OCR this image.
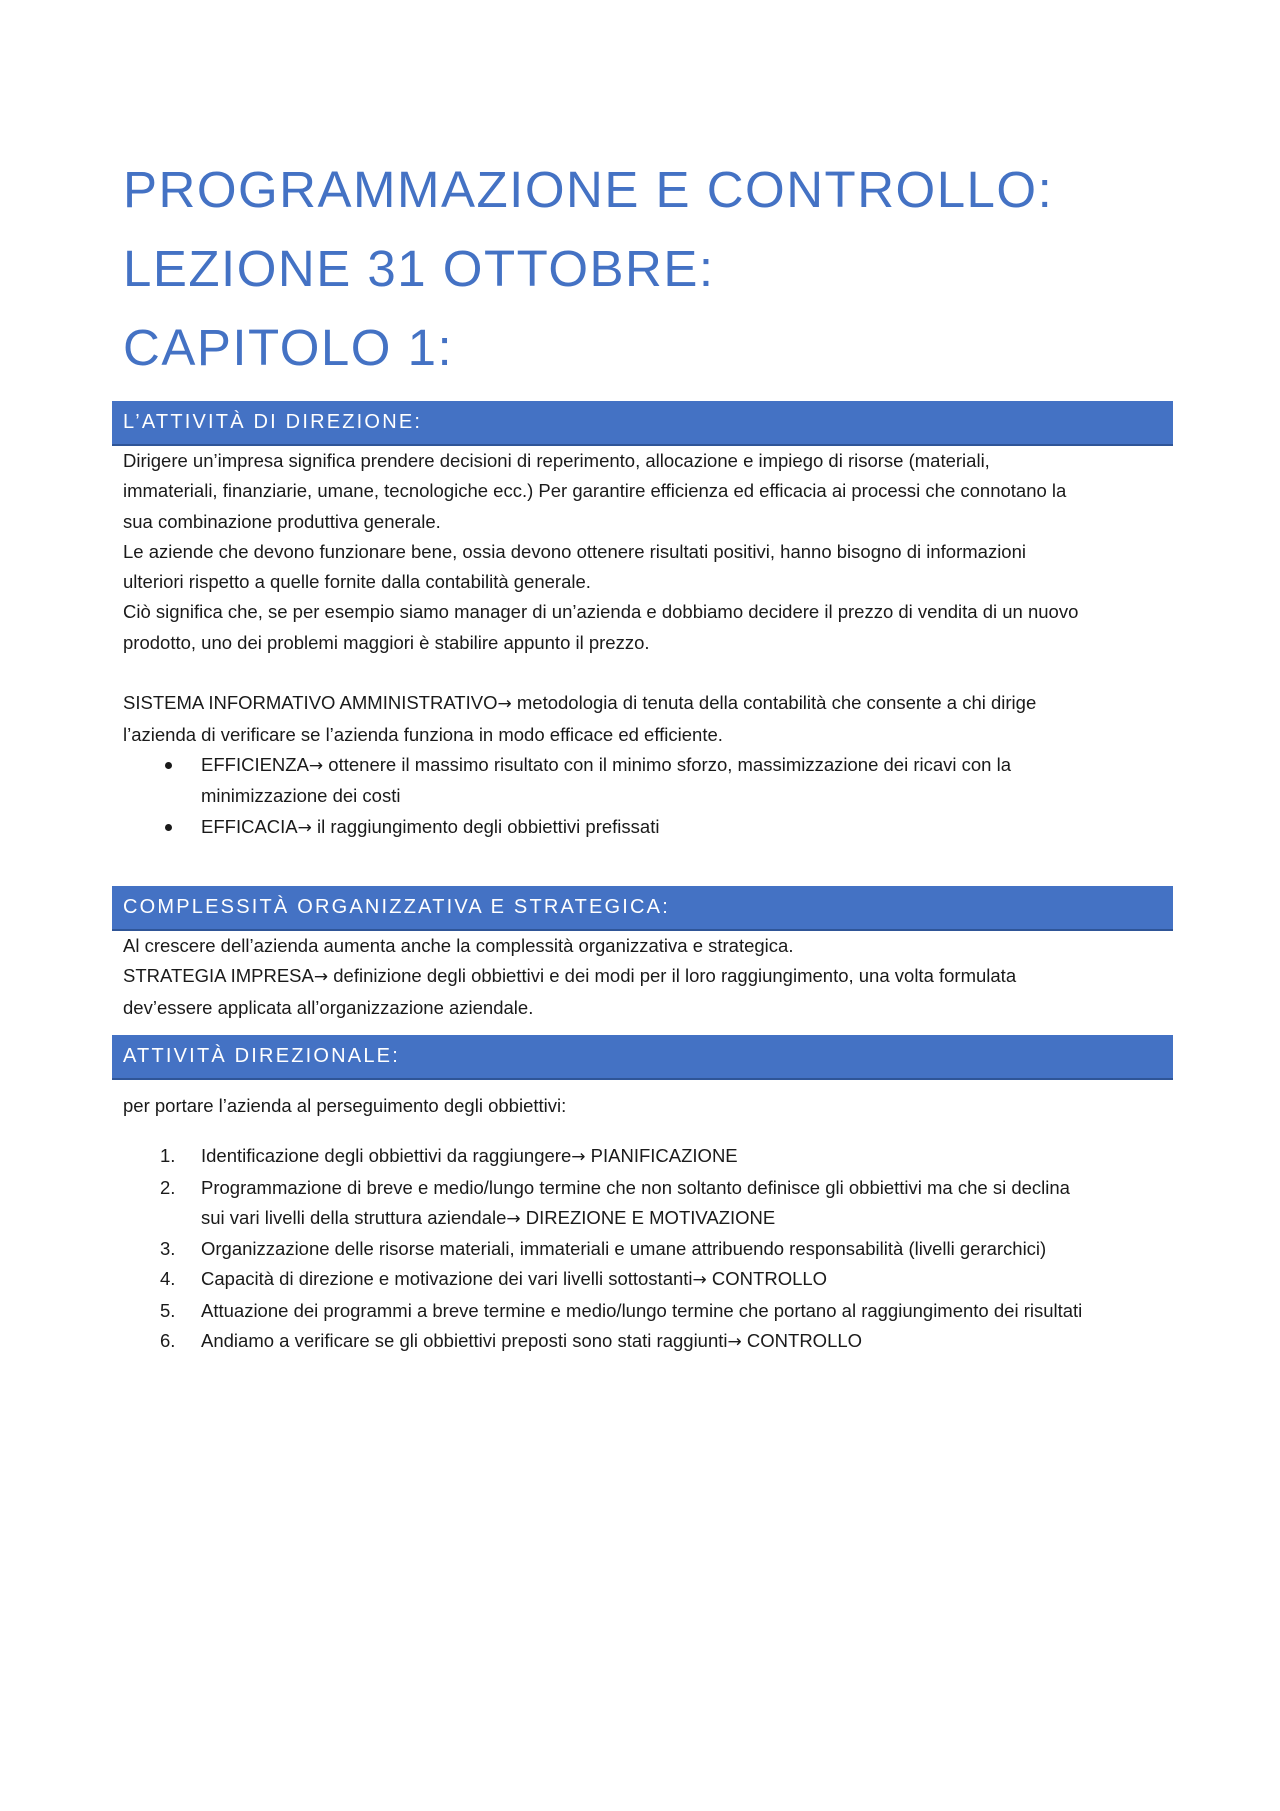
PROGRAMMAZIONE E CONTROLLO:
LEZIONE 31 OTTOBRE:
CAPITOLO 1:
L’ATTIVITÀ DI DIREZIONE:

Dirigere un’impresa significa prendere decisioni di reperimento, allocazione e impiego di risorse (materiali,

immateriali, finanziarie, umane, tecnologiche ecc.) Per garantire efficienza ed efficacia ai processi che connotano la

sua combinazione produttiva generale.

Le aziende che devono funzionare bene, ossia devono ottenere risultati positivi, hanno bisogno di informazioni

ulteriori rispetto a quelle fornite dalla contabilità generale.

Ciò significa che, se per esempio siamo manager di un’azienda e dobbiamo decidere il prezzo di vendita di un nuovo

prodotto, uno dei problemi maggiori è stabilire appunto il prezzo.

SISTEMA INFORMATIVO AMMINISTRATIVO→ metodologia di tenuta della contabilità che consente a chi dirige

l’azienda di verificare se l’azienda funziona in modo efficace ed efficiente.

EFFICIENZA→ ottenere il massimo risultato con il minimo sforzo, massimizzazione dei ricavi con la
minimizzazione dei costi
EFFICACIA→ il raggiungimento degli obbiettivi prefissati
COMPLESSITÀ ORGANIZZATIVA E STRATEGICA:

Al crescere dell’azienda aumenta anche la complessità organizzativa e strategica.

STRATEGIA IMPRESA→ definizione degli obbiettivi e dei modi per il loro raggiungimento, una volta formulata

dev’essere applicata all’organizzazione aziendale.

ATTIVITÀ DIREZIONALE:

per portare l’azienda al perseguimento degli obbiettivi:

1. Identificazione degli obbiettivi da raggiungere→ PIANIFICAZIONE
2. Programmazione di breve e medio/lungo termine che non soltanto definisce gli obbiettivi ma che si declina
sui vari livelli della struttura aziendale→ DIREZIONE E MOTIVAZIONE
3. Organizzazione delle risorse materiali, immateriali e umane attribuendo responsabilità (livelli gerarchici)
4. Capacità di direzione e motivazione dei vari livelli sottostanti→ CONTROLLO
5. Attuazione dei programmi a breve termine e medio/lungo termine che portano al raggiungimento dei risultati
6. Andiamo a verificare se gli obbiettivi preposti sono stati raggiunti→ CONTROLLO
